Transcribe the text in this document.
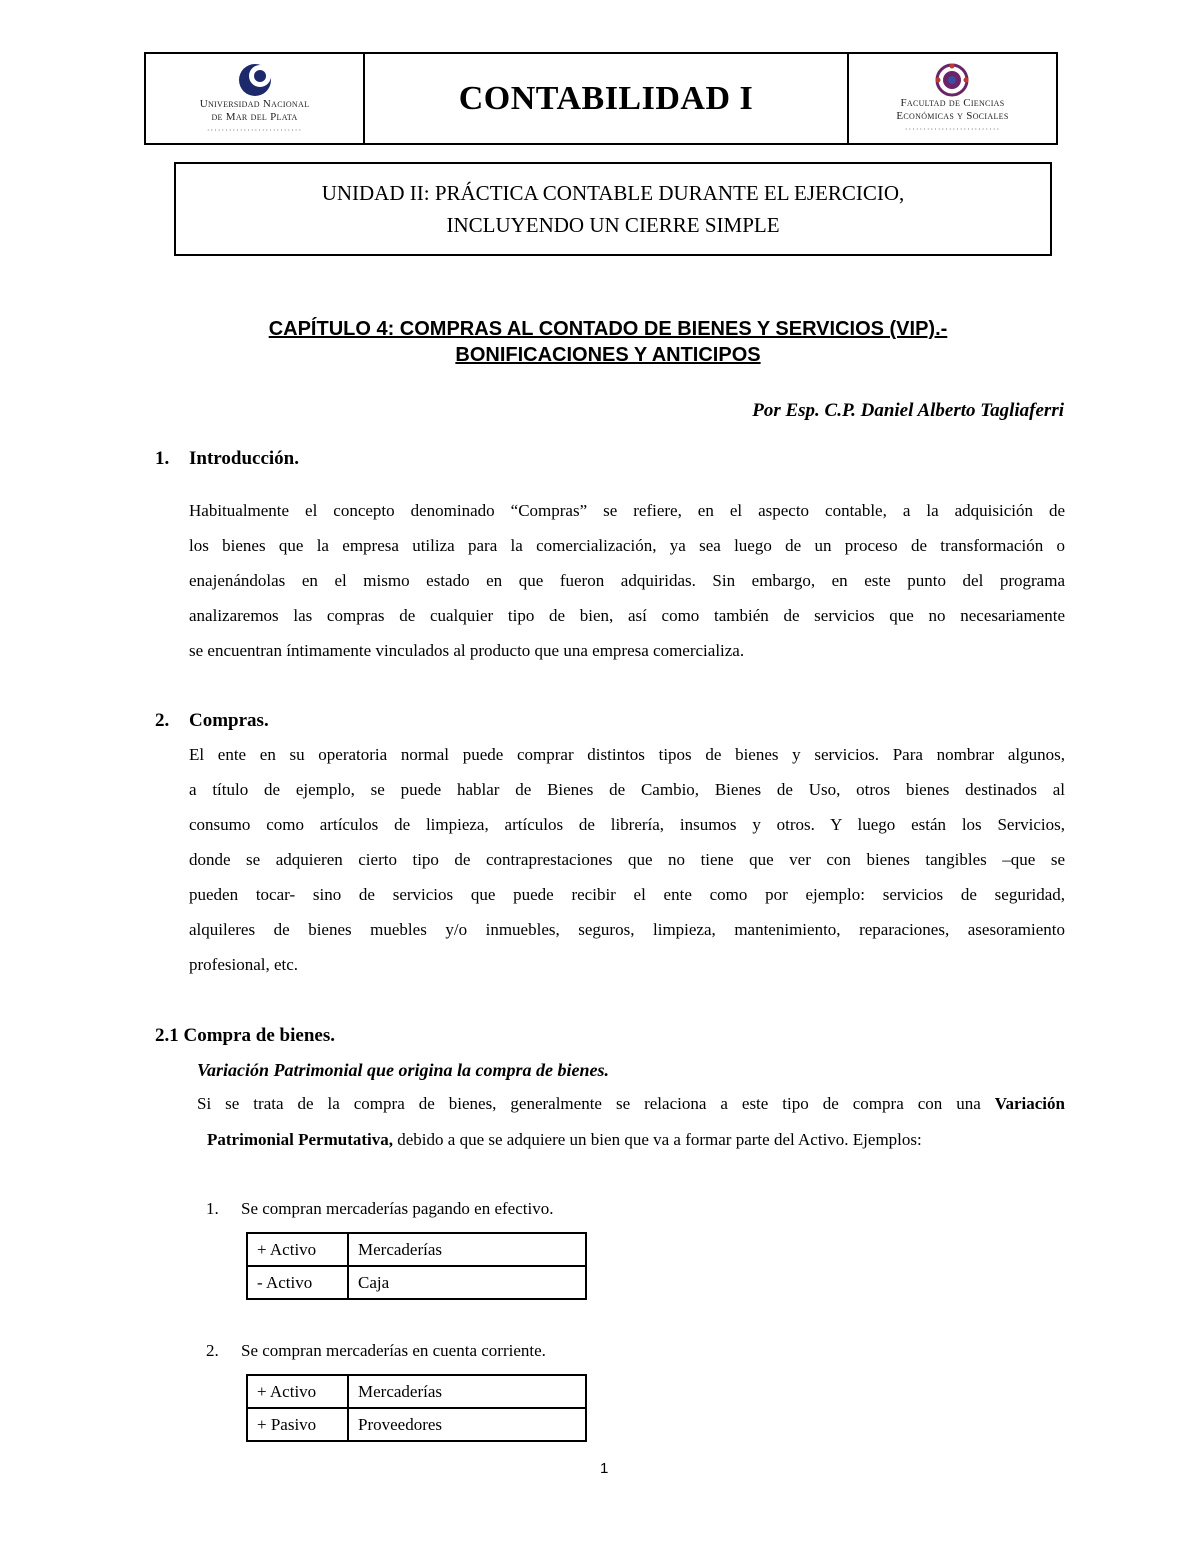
Universidad Nacional
de Mar del Plata
··························
CONTABILIDAD I	Facultad de Ciencias
Económicas y Sociales
··························
UNIDAD II: PRÁCTICA CONTABLE DURANTE EL EJERCICIO,
INCLUYENDO UN CIERRE SIMPLE
CAPÍTULO 4: COMPRAS AL CONTADO DE BIENES Y SERVICIOS (VIP).-
BONIFICACIONES Y ANTICIPOS
Por Esp. C.P. Daniel Alberto Tagliaferri
1. Introducción.
Habitualmente el concepto denominado “Compras” se refiere, en el aspecto contable, a la adquisición de
los bienes que la empresa utiliza para la comercialización, ya sea luego de un proceso de transformación o
enajenándolas en el mismo estado en que fueron adquiridas. Sin embargo, en este punto del programa
analizaremos las compras de cualquier tipo de bien, así como también de servicios que no necesariamente
se encuentran íntimamente vinculados al producto que una empresa comercializa.
2. Compras.
El ente en su operatoria normal puede comprar distintos tipos de bienes y servicios. Para nombrar algunos,
a título de ejemplo, se puede hablar de Bienes de Cambio, Bienes de Uso, otros bienes destinados al
consumo como artículos de limpieza, artículos de librería, insumos y otros. Y luego están los Servicios,
donde se adquieren cierto tipo de contraprestaciones que no tiene que ver con bienes tangibles –que se
pueden tocar- sino de servicios que puede recibir el ente como por ejemplo: servicios de seguridad,
alquileres de bienes muebles y/o inmuebles, seguros, limpieza, mantenimiento, reparaciones, asesoramiento
profesional, etc.
2.1 Compra de bienes.
Variación Patrimonial que origina la compra de bienes.
Si se trata de la compra de bienes, generalmente se relaciona a este tipo de compra con una Variación
Patrimonial Permutativa, debido a que se adquiere un bien que va a formar parte del Activo. Ejemplos:
1. Se compran mercaderías pagando en efectivo.
+ Activo	Mercaderías
- Activo	Caja
2. Se compran mercaderías en cuenta corriente.
+ Activo	Mercaderías
+ Pasivo	Proveedores
1
